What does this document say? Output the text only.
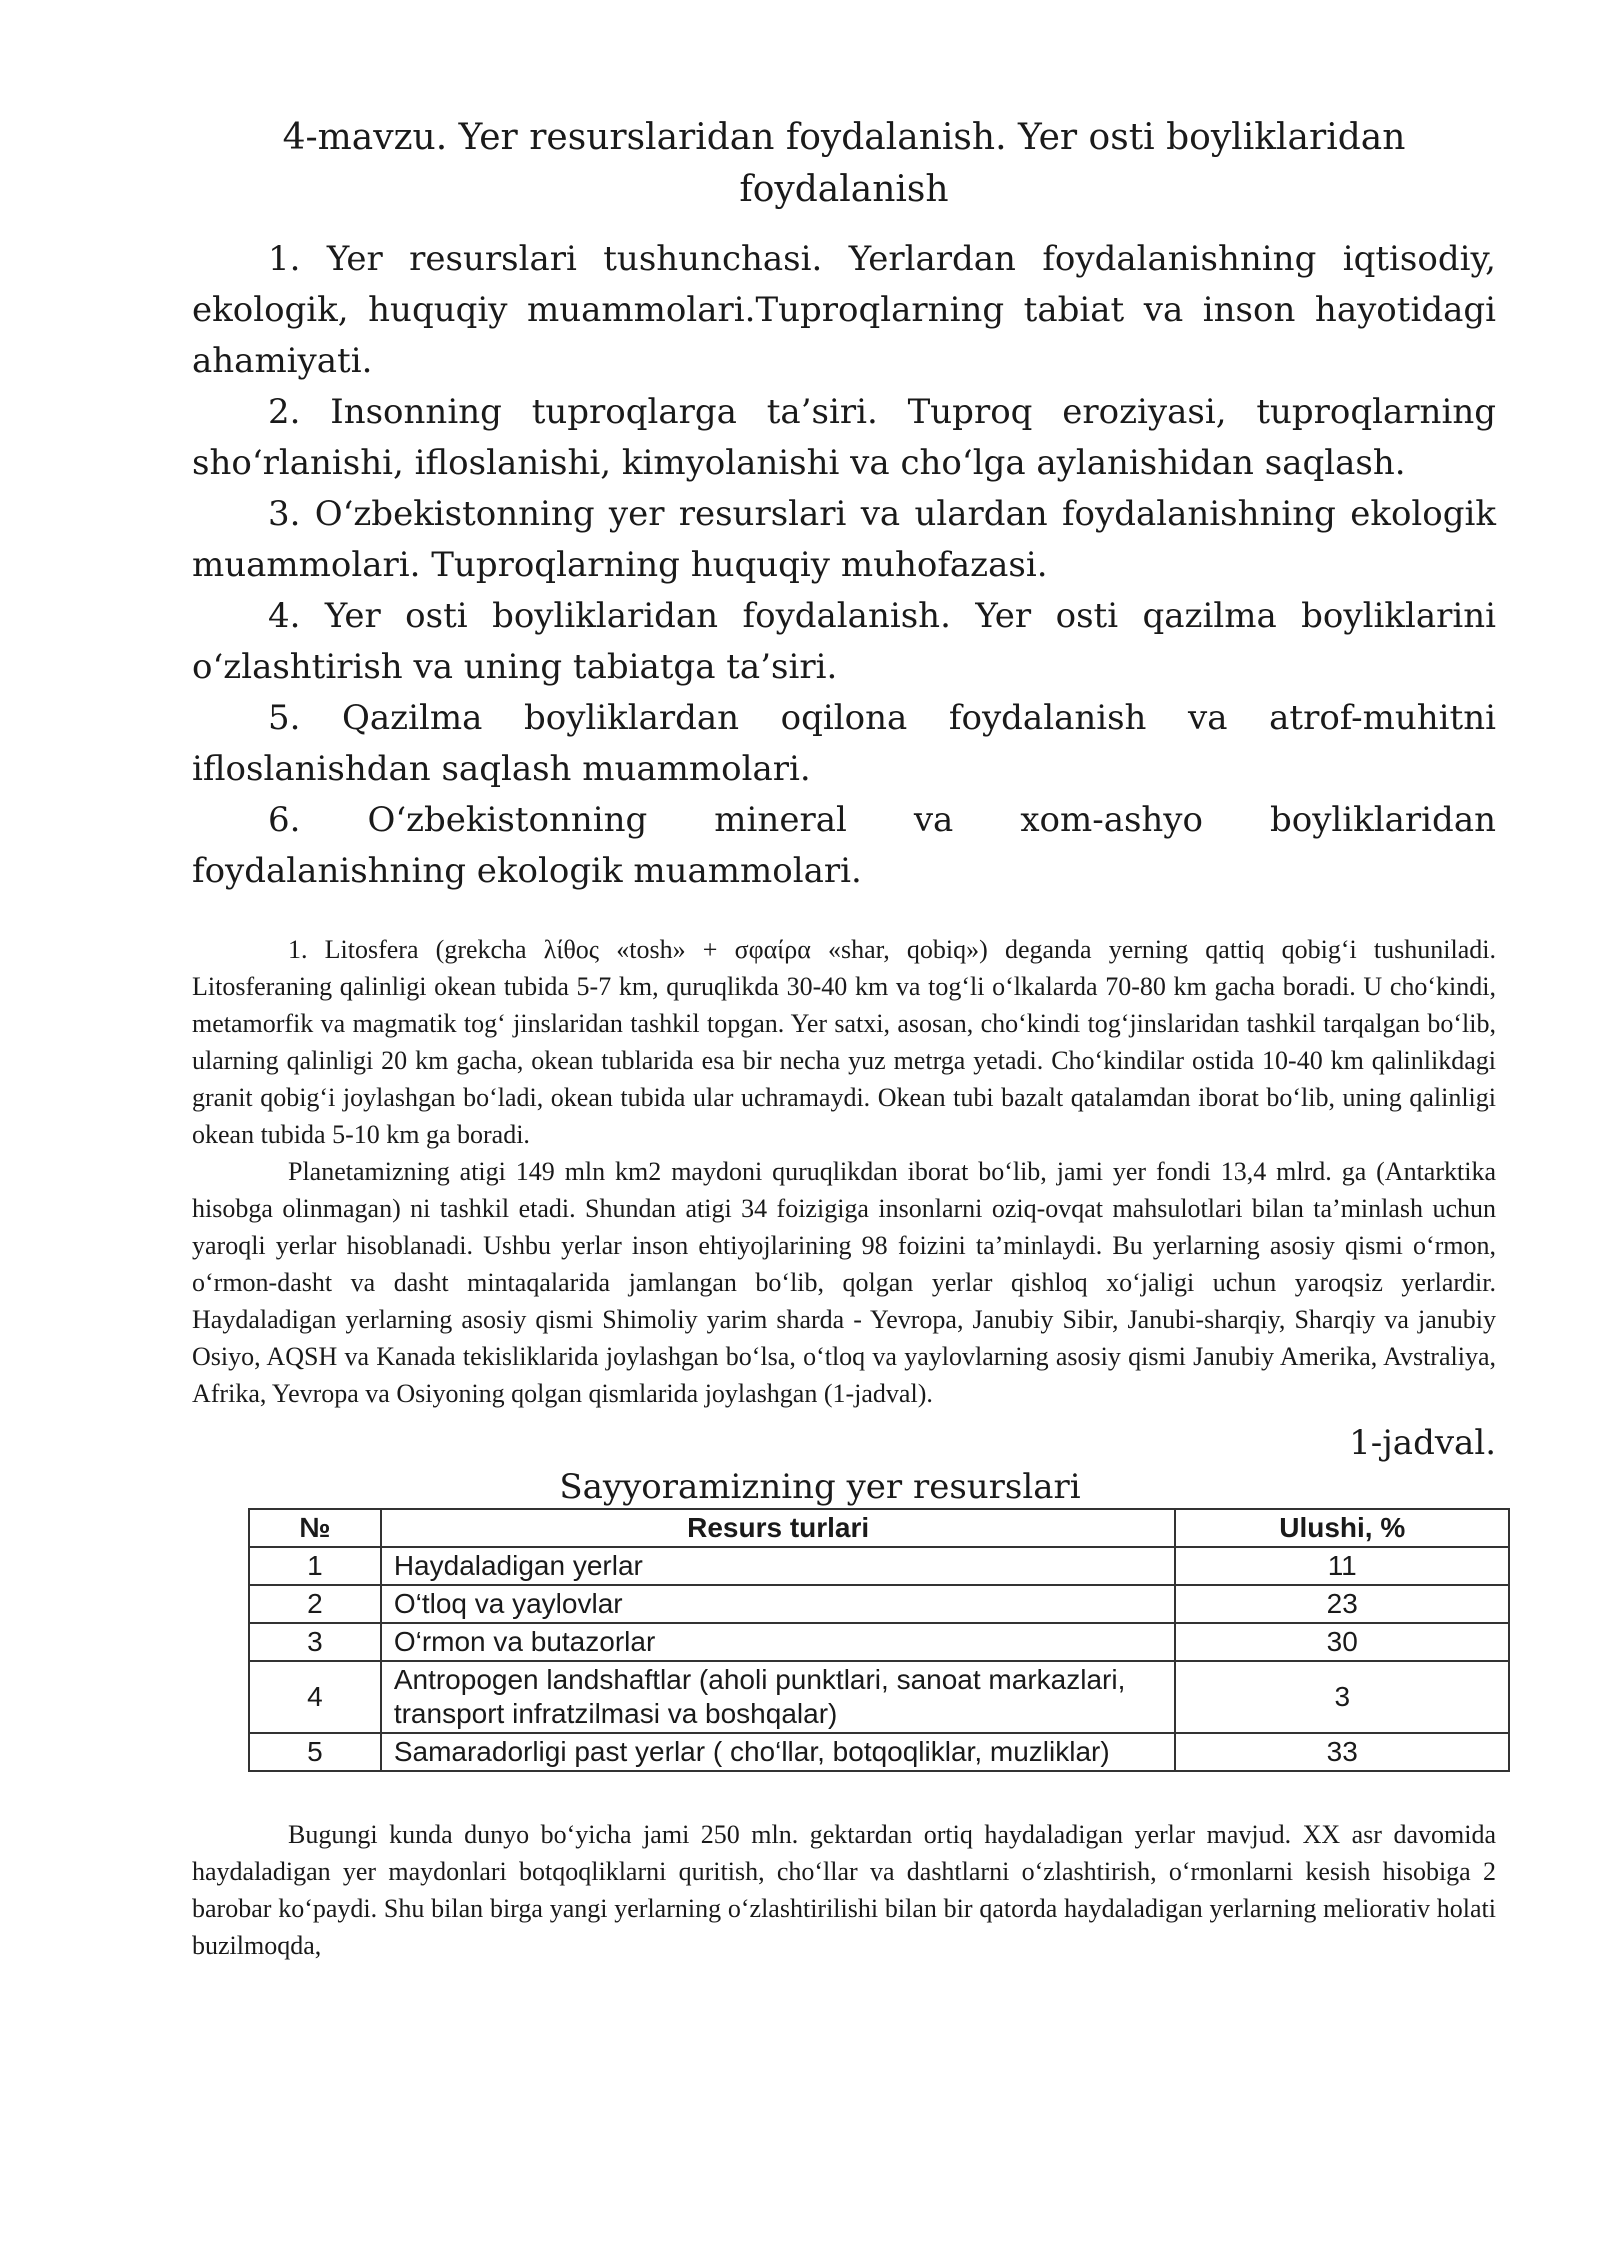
4-mavzu. Yer resurslaridan foydalanish. Yer osti boyliklaridan foydalanish

1. Yer resurslari tushunchasi. Yerlardan foydalanishning iqtisodiy, ekologik, huquqiy muammolari.Tuproqlarning tabiat va inson hayotidagi ahamiyati.

2. Insonning tuproqlarga ta’siri. Tuproq eroziyasi, tuproqlarning sho‘rlanishi, ifloslanishi, kimyolanishi va cho‘lga aylanishidan saqlash.

3. O‘zbekistonning yer resurslari va ulardan foydalanishning ekologik muammolari. Tuproqlarning huquqiy muhofazasi.

4. Yer osti boyliklaridan foydalanish. Yer osti qazilma boyliklarini o‘zlashtirish va uning tabiatga ta’siri.

5. Qazilma boyliklardan oqilona foydalanish va atrof-muhitni ifloslanishdan saqlash muammolari.

6. O‘zbekistonning mineral va xom-ashyo boyliklaridan foydalanishning ekologik muammolari.

1. Litosfera (grekcha λίθος «tosh» + σφαίρα «shar, qobiq») deganda yerning qattiq qobig‘i tushuniladi. Litosferaning qalinligi okean tubida 5-7 km, quruqlikda 30-40 km va tog‘li o‘lkalarda 70-80 km gacha boradi. U cho‘kindi, metamorfik va magmatik tog‘ jinslaridan tashkil topgan. Yer satxi, asosan, cho‘kindi tog‘jinslaridan tashkil tarqalgan bo‘lib, ularning qalinligi 20 km gacha, okean tublarida esa bir necha yuz metrga yetadi. Cho‘kindilar ostida 10-40 km qalinlikdagi granit qobig‘i joylashgan bo‘ladi, okean tubida ular uchramaydi. Okean tubi bazalt qatalamdan iborat bo‘lib, uning qalinligi okean tubida 5-10 km ga boradi.

Planetamizning atigi 149 mln km2 maydoni quruqlikdan iborat bo‘lib, jami yer fondi 13,4 mlrd. ga (Antarktika hisobga olinmagan) ni tashkil etadi. Shundan atigi 34 foizigiga insonlarni oziq-ovqat mahsulotlari bilan ta’minlash uchun yaroqli yerlar hisoblanadi. Ushbu yerlar inson ehtiyojlarining 98 foizini ta’minlaydi. Bu yerlarning asosiy qismi o‘rmon, o‘rmon-dasht va dasht mintaqalarida jamlangan bo‘lib, qolgan yerlar qishloq xo‘jaligi uchun yaroqsiz yerlardir. Haydaladigan yerlarning asosiy qismi Shimoliy yarim sharda - Yevropa, Janubiy Sibir, Janubi-sharqiy, Sharqiy va janubiy Osiyo, AQSH va Kanada tekisliklarida joylashgan bo‘lsa, o‘tloq va yaylovlarning asosiy qismi Janubiy Amerika, Avstraliya, Afrika, Yevropa va Osiyoning qolgan qismlarida joylashgan (1-jadval).

1-jadval.

Sayyoramizning yer resurslari

№	Resurs turlari	Ulushi, %
1	Haydaladigan yerlar	11
2	O‘tloq va yaylovlar	23
3	O‘rmon va butazorlar	30
4	Antropogen landshaftlar (aholi punktlari, sanoat markazlari, transport infratzilmasi va boshqalar)	3
5	Samaradorligi past yerlar ( cho‘llar, botqoqliklar, muzliklar)	33

Bugungi kunda dunyo bo‘yicha jami 250 mln. gektardan ortiq haydaladigan yerlar mavjud. XX asr davomida haydaladigan yer maydonlari botqoqliklarni quritish, cho‘llar va dashtlarni o‘zlashtirish, o‘rmonlarni kesish hisobiga 2 barobar ko‘paydi. Shu bilan birga yangi yerlarning o‘zlashtirilishi bilan bir qatorda haydaladigan yerlarning meliorativ holati buzilmoqda,
